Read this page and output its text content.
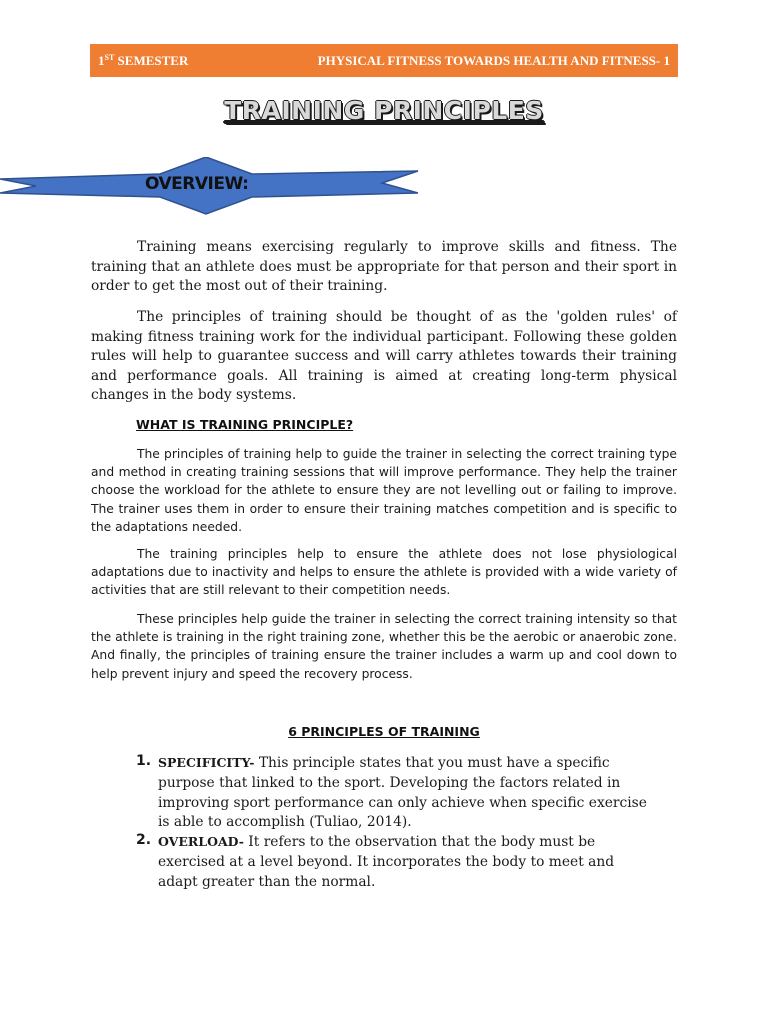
1ST SEMESTER	PHYSICAL FITNESS TOWARDS HEALTH AND FITNESS- 1
TRAINING PRINCIPLES
OVERVIEW:

Training means exercising regularly to improve skills and fitness. The training that an athlete does must be appropriate for that person and their sport in order to get the most out of their training.

The principles of training should be thought of as the 'golden rules' of making fitness training work for the individual participant. Following these golden rules will help to guarantee success and will carry athletes towards their training and performance goals. All training is aimed at creating long-term physical changes in the body systems.

WHAT IS TRAINING PRINCIPLE?

The principles of training help to guide the trainer in selecting the correct training type and method in creating training sessions that will improve performance. They help the trainer choose the workload for the athlete to ensure they are not levelling out or failing to improve. The trainer uses them in order to ensure their training matches competition and is specific to the adaptations needed.

The training principles help to ensure the athlete does not lose physiological adaptations due to inactivity and helps to ensure the athlete is provided with a wide variety of activities that are still relevant to their competition needs.

These principles help guide the trainer in selecting the correct training intensity so that the athlete is training in the right training zone, whether this be the aerobic or anaerobic zone. And finally, the principles of training ensure the trainer includes a warm up and cool down to help prevent injury and speed the recovery process.

6 PRINCIPLES OF TRAINING
1. SPECIFICITY- This principle states that you must have a specific purpose that linked to the sport. Developing the factors related in improving sport performance can only achieve when specific exercise is able to accomplish (Tuliao, 2014).
2. OVERLOAD- It refers to the observation that the body must be exercised at a level beyond. It incorporates the body to meet and adapt greater than the normal.
